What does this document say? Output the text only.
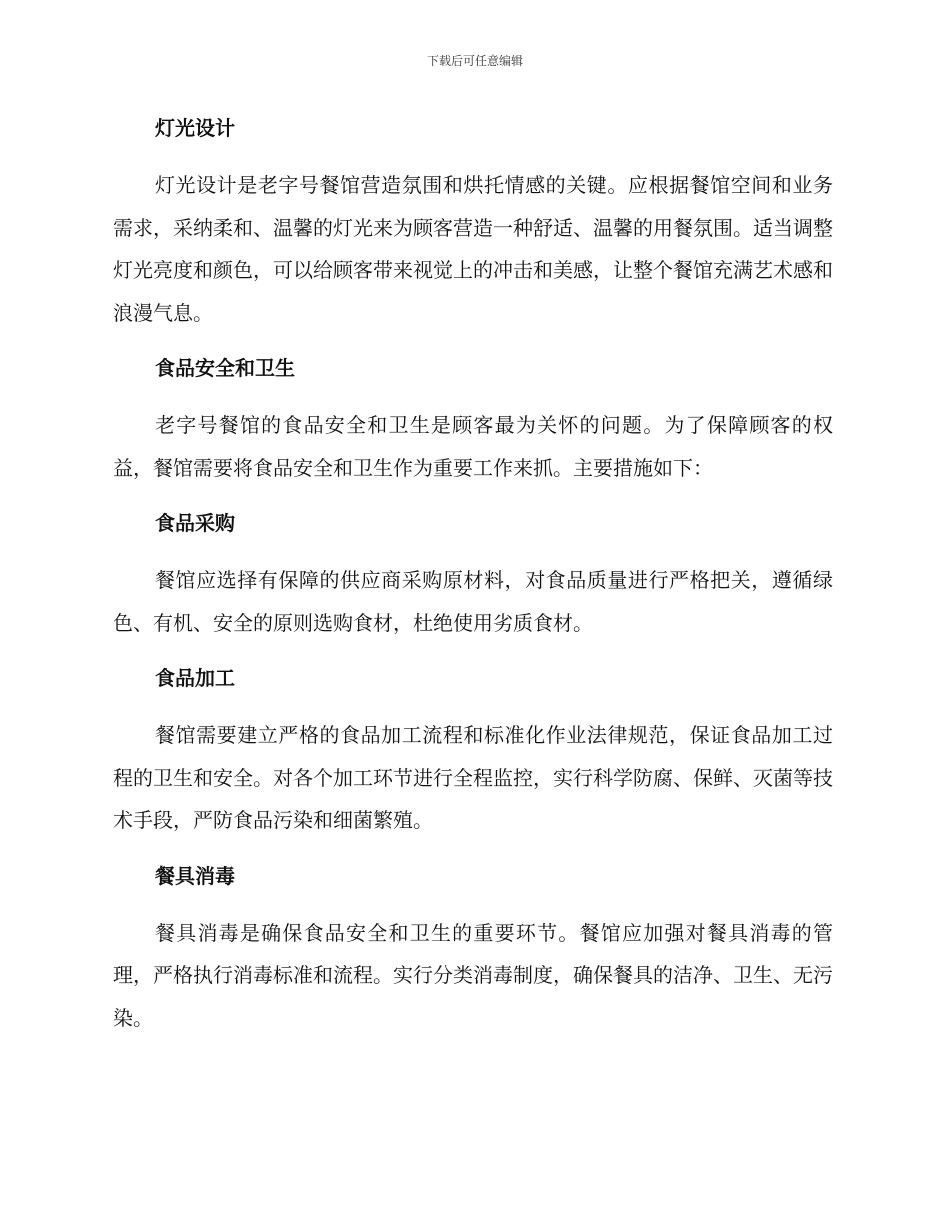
下载后可任意编辑
灯光设计

灯光设计是老字号餐馆营造氛围和烘托情感的关键。应根据餐馆空间和业务需求，采纳柔和、温馨的灯光来为顾客营造一种舒适、温馨的用餐氛围。适当调整灯光亮度和颜色，可以给顾客带来视觉上的冲击和美感，让整个餐馆充满艺术感和浪漫气息。

食品安全和卫生

老字号餐馆的食品安全和卫生是顾客最为关怀的问题。为了保障顾客的权益，餐馆需要将食品安全和卫生作为重要工作来抓。主要措施如下：

食品采购

餐馆应选择有保障的供应商采购原材料，对食品质量进行严格把关，遵循绿色、有机、安全的原则选购食材，杜绝使用劣质食材。

食品加工

餐馆需要建立严格的食品加工流程和标准化作业法律规范，保证食品加工过程的卫生和安全。对各个加工环节进行全程监控，实行科学防腐、保鲜、灭菌等技术手段，严防食品污染和细菌繁殖。

餐具消毒

餐具消毒是确保食品安全和卫生的重要环节。餐馆应加强对餐具消毒的管理，严格执行消毒标准和流程。实行分类消毒制度，确保餐具的洁净、卫生、无污染。
